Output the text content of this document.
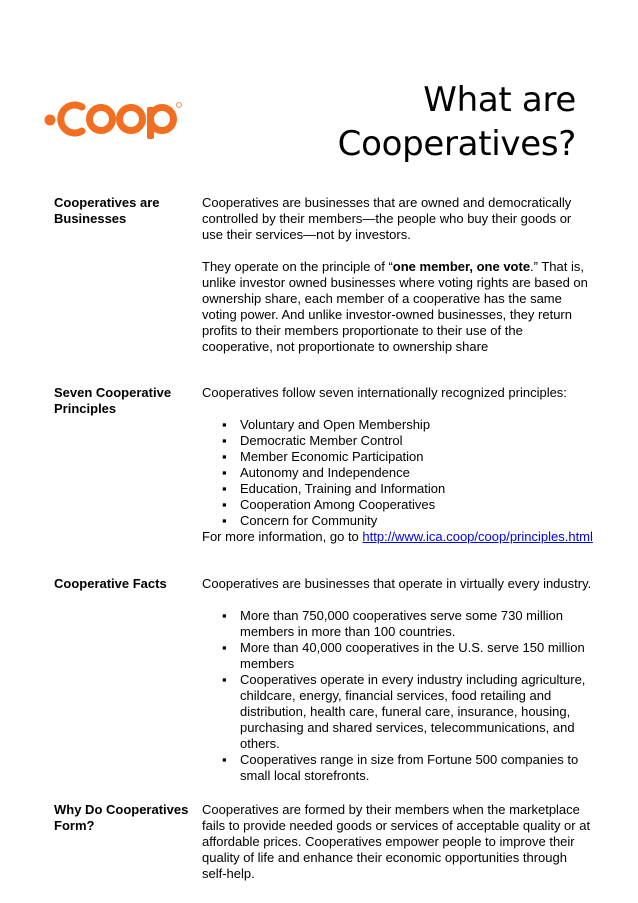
What are
Cooperatives?
Cooperatives are
Businesses

Cooperatives are businesses that are owned and democratically controlled by their members—the people who buy their goods or use their services—not by investors.

They operate on the principle of “one member, one vote.” That is, unlike investor owned businesses where voting rights are based on ownership share, each member of a cooperative has the same voting power. And unlike investor-owned businesses, they return profits to their members proportionate to their use of the cooperative, not proportionate to ownership share

Seven Cooperative
Principles

Cooperatives follow seven internationally recognized principles:

▪ Voluntary and Open Membership
▪ Democratic Member Control
▪ Member Economic Participation
▪ Autonomy and Independence
▪ Education, Training and Information
▪ Cooperation Among Cooperatives
▪ Concern for Community

For more information, go to http://www.ica.coop/coop/principles.html

Cooperative Facts	Cooperatives are businesses that operate in virtually every industry.

▪ More than 750,000 cooperatives serve some 730 million members in more than 100 countries.
▪ More than 40,000 cooperatives in the U.S. serve 150 million members
▪ Cooperatives operate in every industry including agriculture, childcare, energy, financial services, food retailing and distribution, health care, funeral care, insurance, housing, purchasing and shared services, telecommunications, and others.
▪ Cooperatives range in size from Fortune 500 companies to small local storefronts.
Why Do Cooperatives
Form?

Cooperatives are formed by their members when the marketplace fails to provide needed goods or services of acceptable quality or at affordable prices. Cooperatives empower people to improve their quality of life and enhance their economic opportunities through self-help.
